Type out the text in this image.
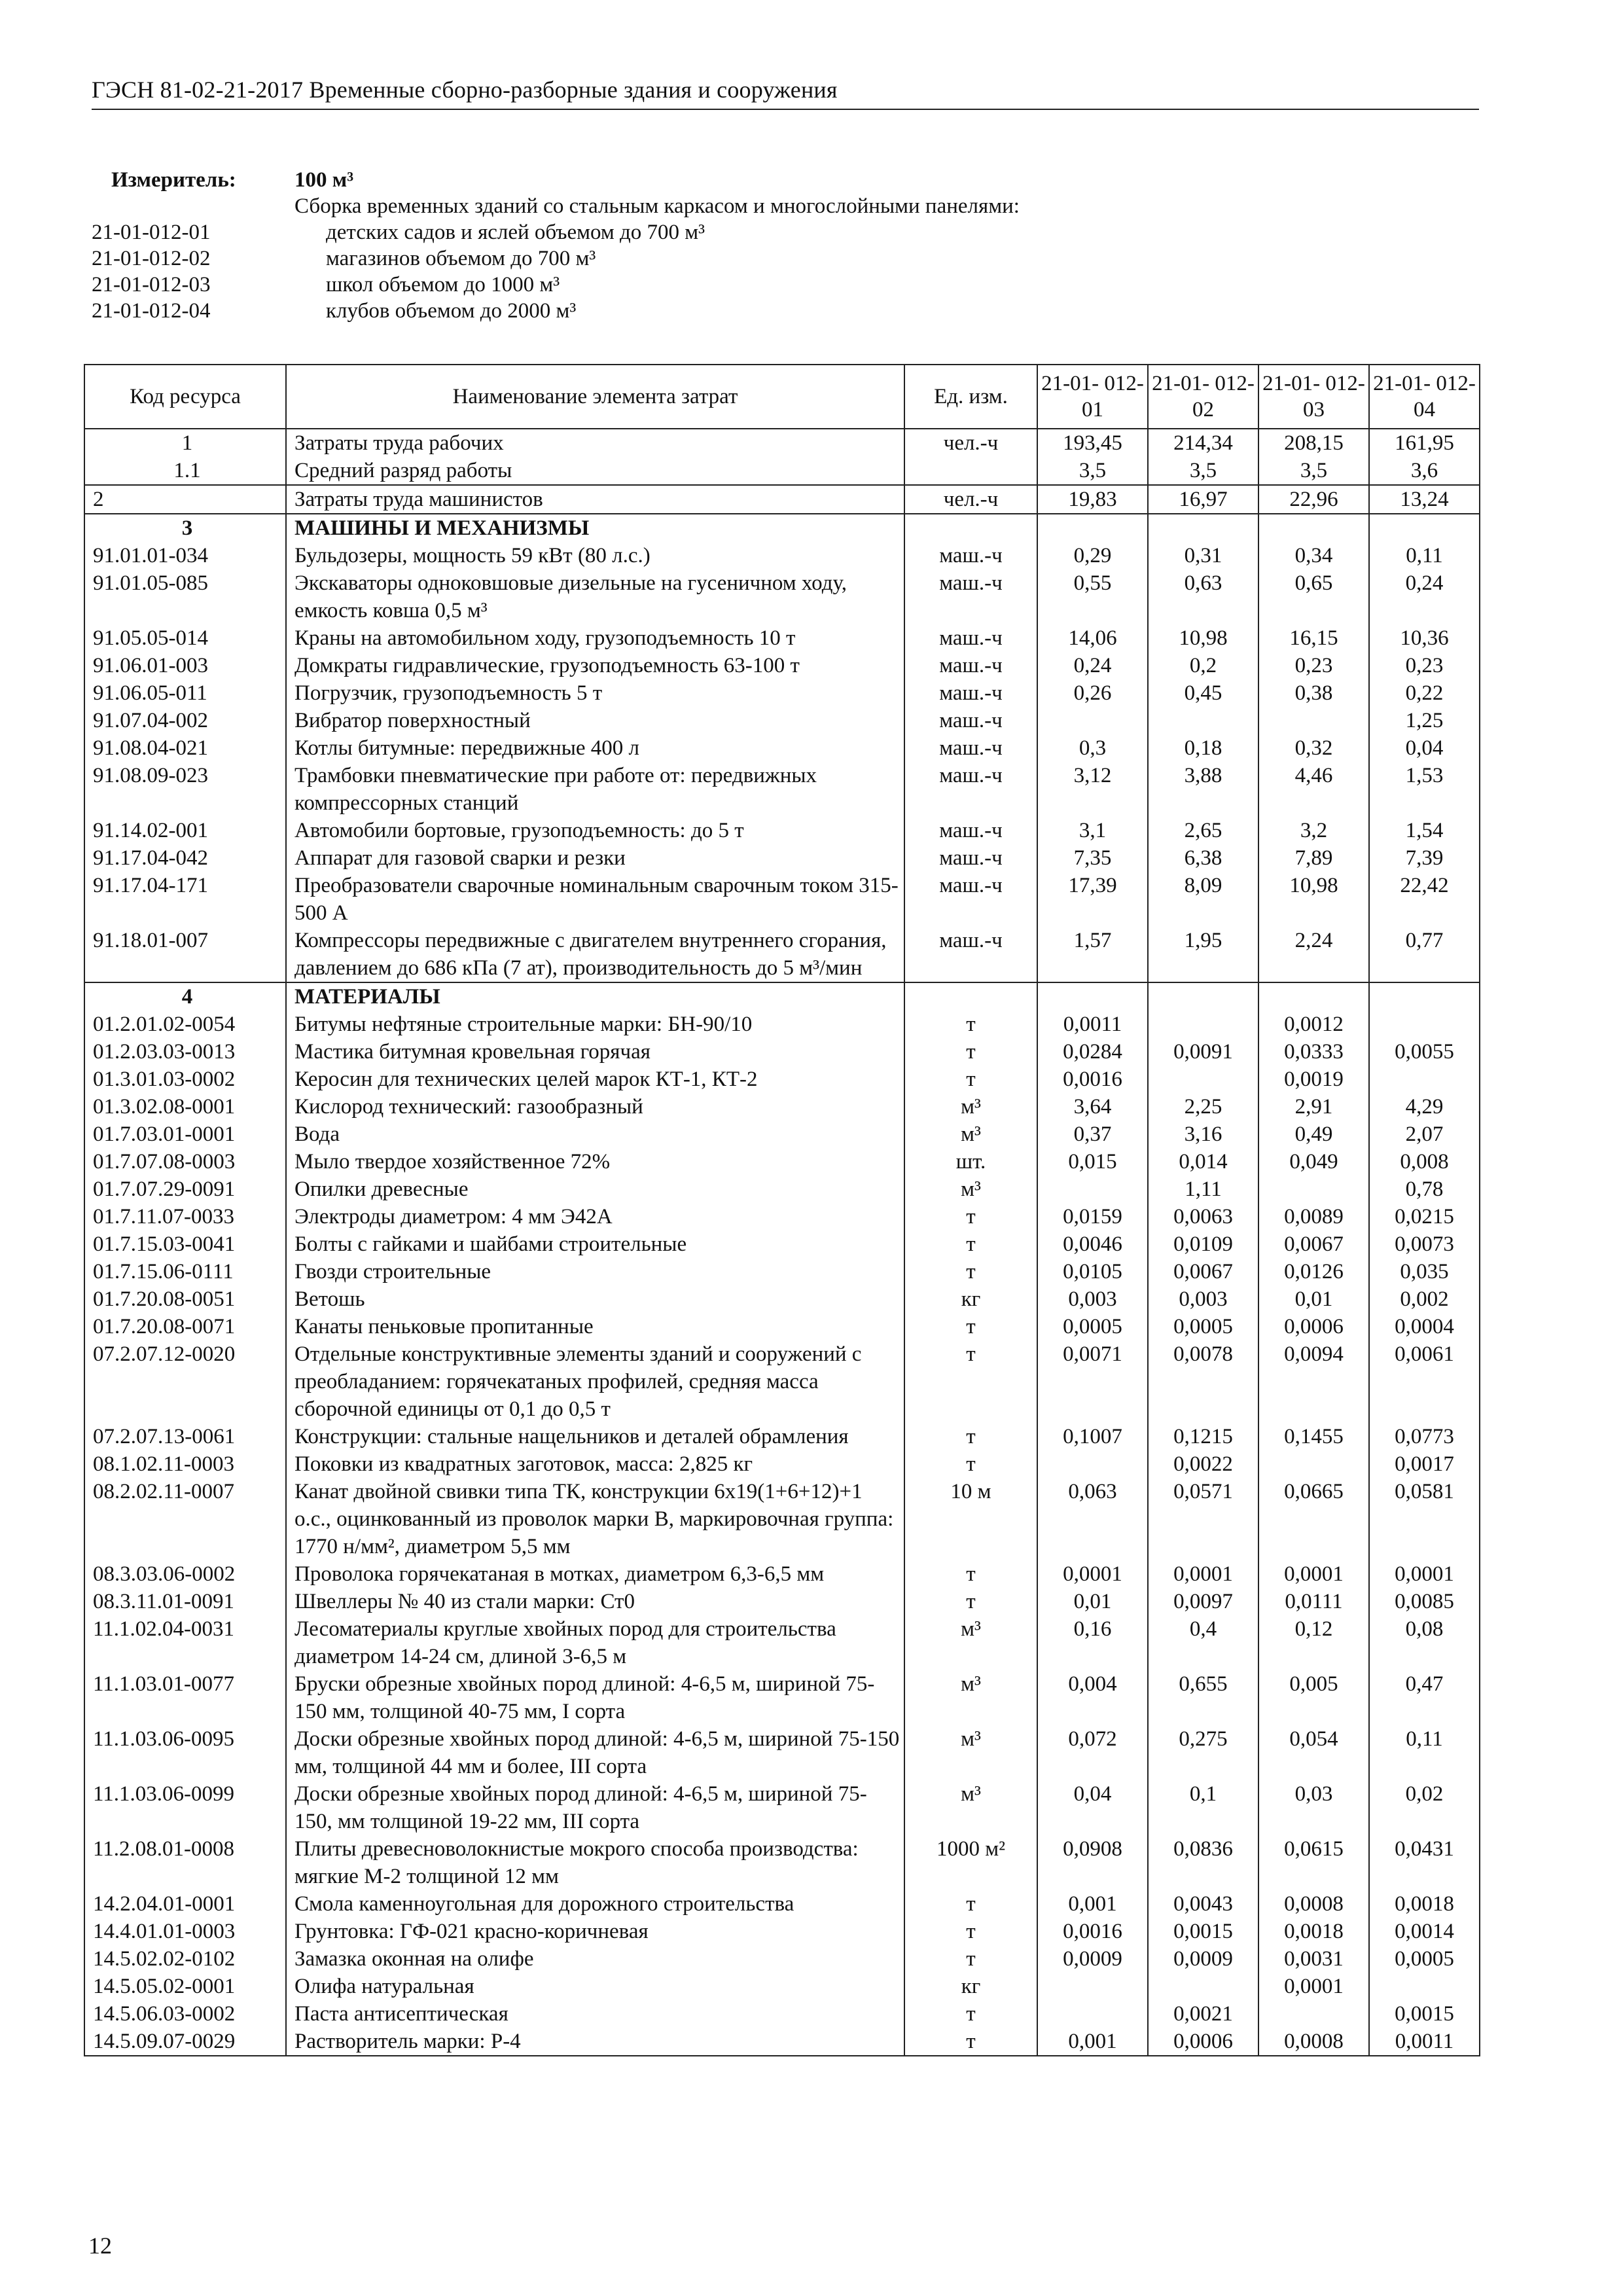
ГЭСН 81-02-21-2017 Временные сборно-разборные здания и сооружения
Измеритель:	100 м³
Сборка временных зданий со стальным каркасом и многослойными панелями:
21-01-012-01	детских садов и яслей объемом до 700 м³
21-01-012-02	магазинов объемом до 700 м³
21-01-012-03	школ объемом до 1000 м³
21-01-012-04	клубов объемом до 2000 м³
Код ресурса	Наименование элемента затрат	Ед. изм.	21-01- 012-01	21-01- 012-02	21-01- 012-03	21-01- 012-04
1	Затраты труда рабочих	чел.-ч	193,45	214,34	208,15	161,95
1.1	Средний разряд работы		3,5	3,5	3,5	3,6
2	Затраты труда машинистов	чел.-ч	19,83	16,97	22,96	13,24
3	МАШИНЫ И МЕХАНИЗМЫ					
91.01.01-034	Бульдозеры, мощность 59 кВт (80 л.с.)	маш.-ч	0,29	0,31	0,34	0,11
91.01.05-085	Экскаваторы одноковшовые дизельные на гусеничном ходу, емкость ковша 0,5 м³	маш.-ч	0,55	0,63	0,65	0,24
91.05.05-014	Краны на автомобильном ходу, грузоподъемность 10 т	маш.-ч	14,06	10,98	16,15	10,36
91.06.01-003	Домкраты гидравлические, грузоподъемность 63-100 т	маш.-ч	0,24	0,2	0,23	0,23
91.06.05-011	Погрузчик, грузоподъемность 5 т	маш.-ч	0,26	0,45	0,38	0,22
91.07.04-002	Вибратор поверхностный	маш.-ч				1,25
91.08.04-021	Котлы битумные: передвижные 400 л	маш.-ч	0,3	0,18	0,32	0,04
91.08.09-023	Трамбовки пневматические при работе от: передвижных компрессорных станций	маш.-ч	3,12	3,88	4,46	1,53
91.14.02-001	Автомобили бортовые, грузоподъемность: до 5 т	маш.-ч	3,1	2,65	3,2	1,54
91.17.04-042	Аппарат для газовой сварки и резки	маш.-ч	7,35	6,38	7,89	7,39
91.17.04-171	Преобразователи сварочные номинальным сварочным током 315-500 А	маш.-ч	17,39	8,09	10,98	22,42
91.18.01-007	Компрессоры передвижные с двигателем внутреннего сгорания, давлением до 686 кПа (7 ат), производительность до 5 м³/мин	маш.-ч	1,57	1,95	2,24	0,77
4	МАТЕРИАЛЫ					
01.2.01.02-0054	Битумы нефтяные строительные марки: БН-90/10	т	0,0011		0,0012	
01.2.03.03-0013	Мастика битумная кровельная горячая	т	0,0284	0,0091	0,0333	0,0055
01.3.01.03-0002	Керосин для технических целей марок КТ-1, КТ-2	т	0,0016		0,0019	
01.3.02.08-0001	Кислород технический: газообразный	м³	3,64	2,25	2,91	4,29
01.7.03.01-0001	Вода	м³	0,37	3,16	0,49	2,07
01.7.07.08-0003	Мыло твердое хозяйственное 72%	шт.	0,015	0,014	0,049	0,008
01.7.07.29-0091	Опилки древесные	м³		1,11		0,78
01.7.11.07-0033	Электроды диаметром: 4 мм Э42А	т	0,0159	0,0063	0,0089	0,0215
01.7.15.03-0041	Болты с гайками и шайбами строительные	т	0,0046	0,0109	0,0067	0,0073
01.7.15.06-0111	Гвозди строительные	т	0,0105	0,0067	0,0126	0,035
01.7.20.08-0051	Ветошь	кг	0,003	0,003	0,01	0,002
01.7.20.08-0071	Канаты пеньковые пропитанные	т	0,0005	0,0005	0,0006	0,0004
07.2.07.12-0020	Отдельные конструктивные элементы зданий и сооружений с преобладанием: горячекатаных профилей, средняя масса сборочной единицы от 0,1 до 0,5 т	т	0,0071	0,0078	0,0094	0,0061
07.2.07.13-0061	Конструкции: стальные нащельников и деталей обрамления	т	0,1007	0,1215	0,1455	0,0773
08.1.02.11-0003	Поковки из квадратных заготовок, масса: 2,825 кг	т		0,0022		0,0017
08.2.02.11-0007	Канат двойной свивки типа ТК, конструкции 6х19(1+6+12)+1 о.с., оцинкованный из проволок марки В, маркировочная группа: 1770 н/мм², диаметром 5,5 мм	10 м	0,063	0,0571	0,0665	0,0581
08.3.03.06-0002	Проволока горячекатаная в мотках, диаметром 6,3-6,5 мм	т	0,0001	0,0001	0,0001	0,0001
08.3.11.01-0091	Швеллеры № 40 из стали марки: Ст0	т	0,01	0,0097	0,0111	0,0085
11.1.02.04-0031	Лесоматериалы круглые хвойных пород для строительства диаметром 14-24 см, длиной 3-6,5 м	м³	0,16	0,4	0,12	0,08
11.1.03.01-0077	Бруски обрезные хвойных пород длиной: 4-6,5 м, шириной 75-150 мм, толщиной 40-75 мм, I сорта	м³	0,004	0,655	0,005	0,47
11.1.03.06-0095	Доски обрезные хвойных пород длиной: 4-6,5 м, шириной 75-150 мм, толщиной 44 мм и более, III сорта	м³	0,072	0,275	0,054	0,11
11.1.03.06-0099	Доски обрезные хвойных пород длиной: 4-6,5 м, шириной 75-150, мм толщиной 19-22 мм, III сорта	м³	0,04	0,1	0,03	0,02
11.2.08.01-0008	Плиты древесноволокнистые мокрого способа производства: мягкие М-2 толщиной 12 мм	1000 м²	0,0908	0,0836	0,0615	0,0431
14.2.04.01-0001	Смола каменноугольная для дорожного строительства	т	0,001	0,0043	0,0008	0,0018
14.4.01.01-0003	Грунтовка: ГФ-021 красно-коричневая	т	0,0016	0,0015	0,0018	0,0014
14.5.02.02-0102	Замазка оконная на олифе	т	0,0009	0,0009	0,0031	0,0005
14.5.05.02-0001	Олифа натуральная	кг			0,0001	
14.5.06.03-0002	Паста антисептическая	т		0,0021		0,0015
14.5.09.07-0029	Растворитель марки: Р-4	т	0,001	0,0006	0,0008	0,0011
12
